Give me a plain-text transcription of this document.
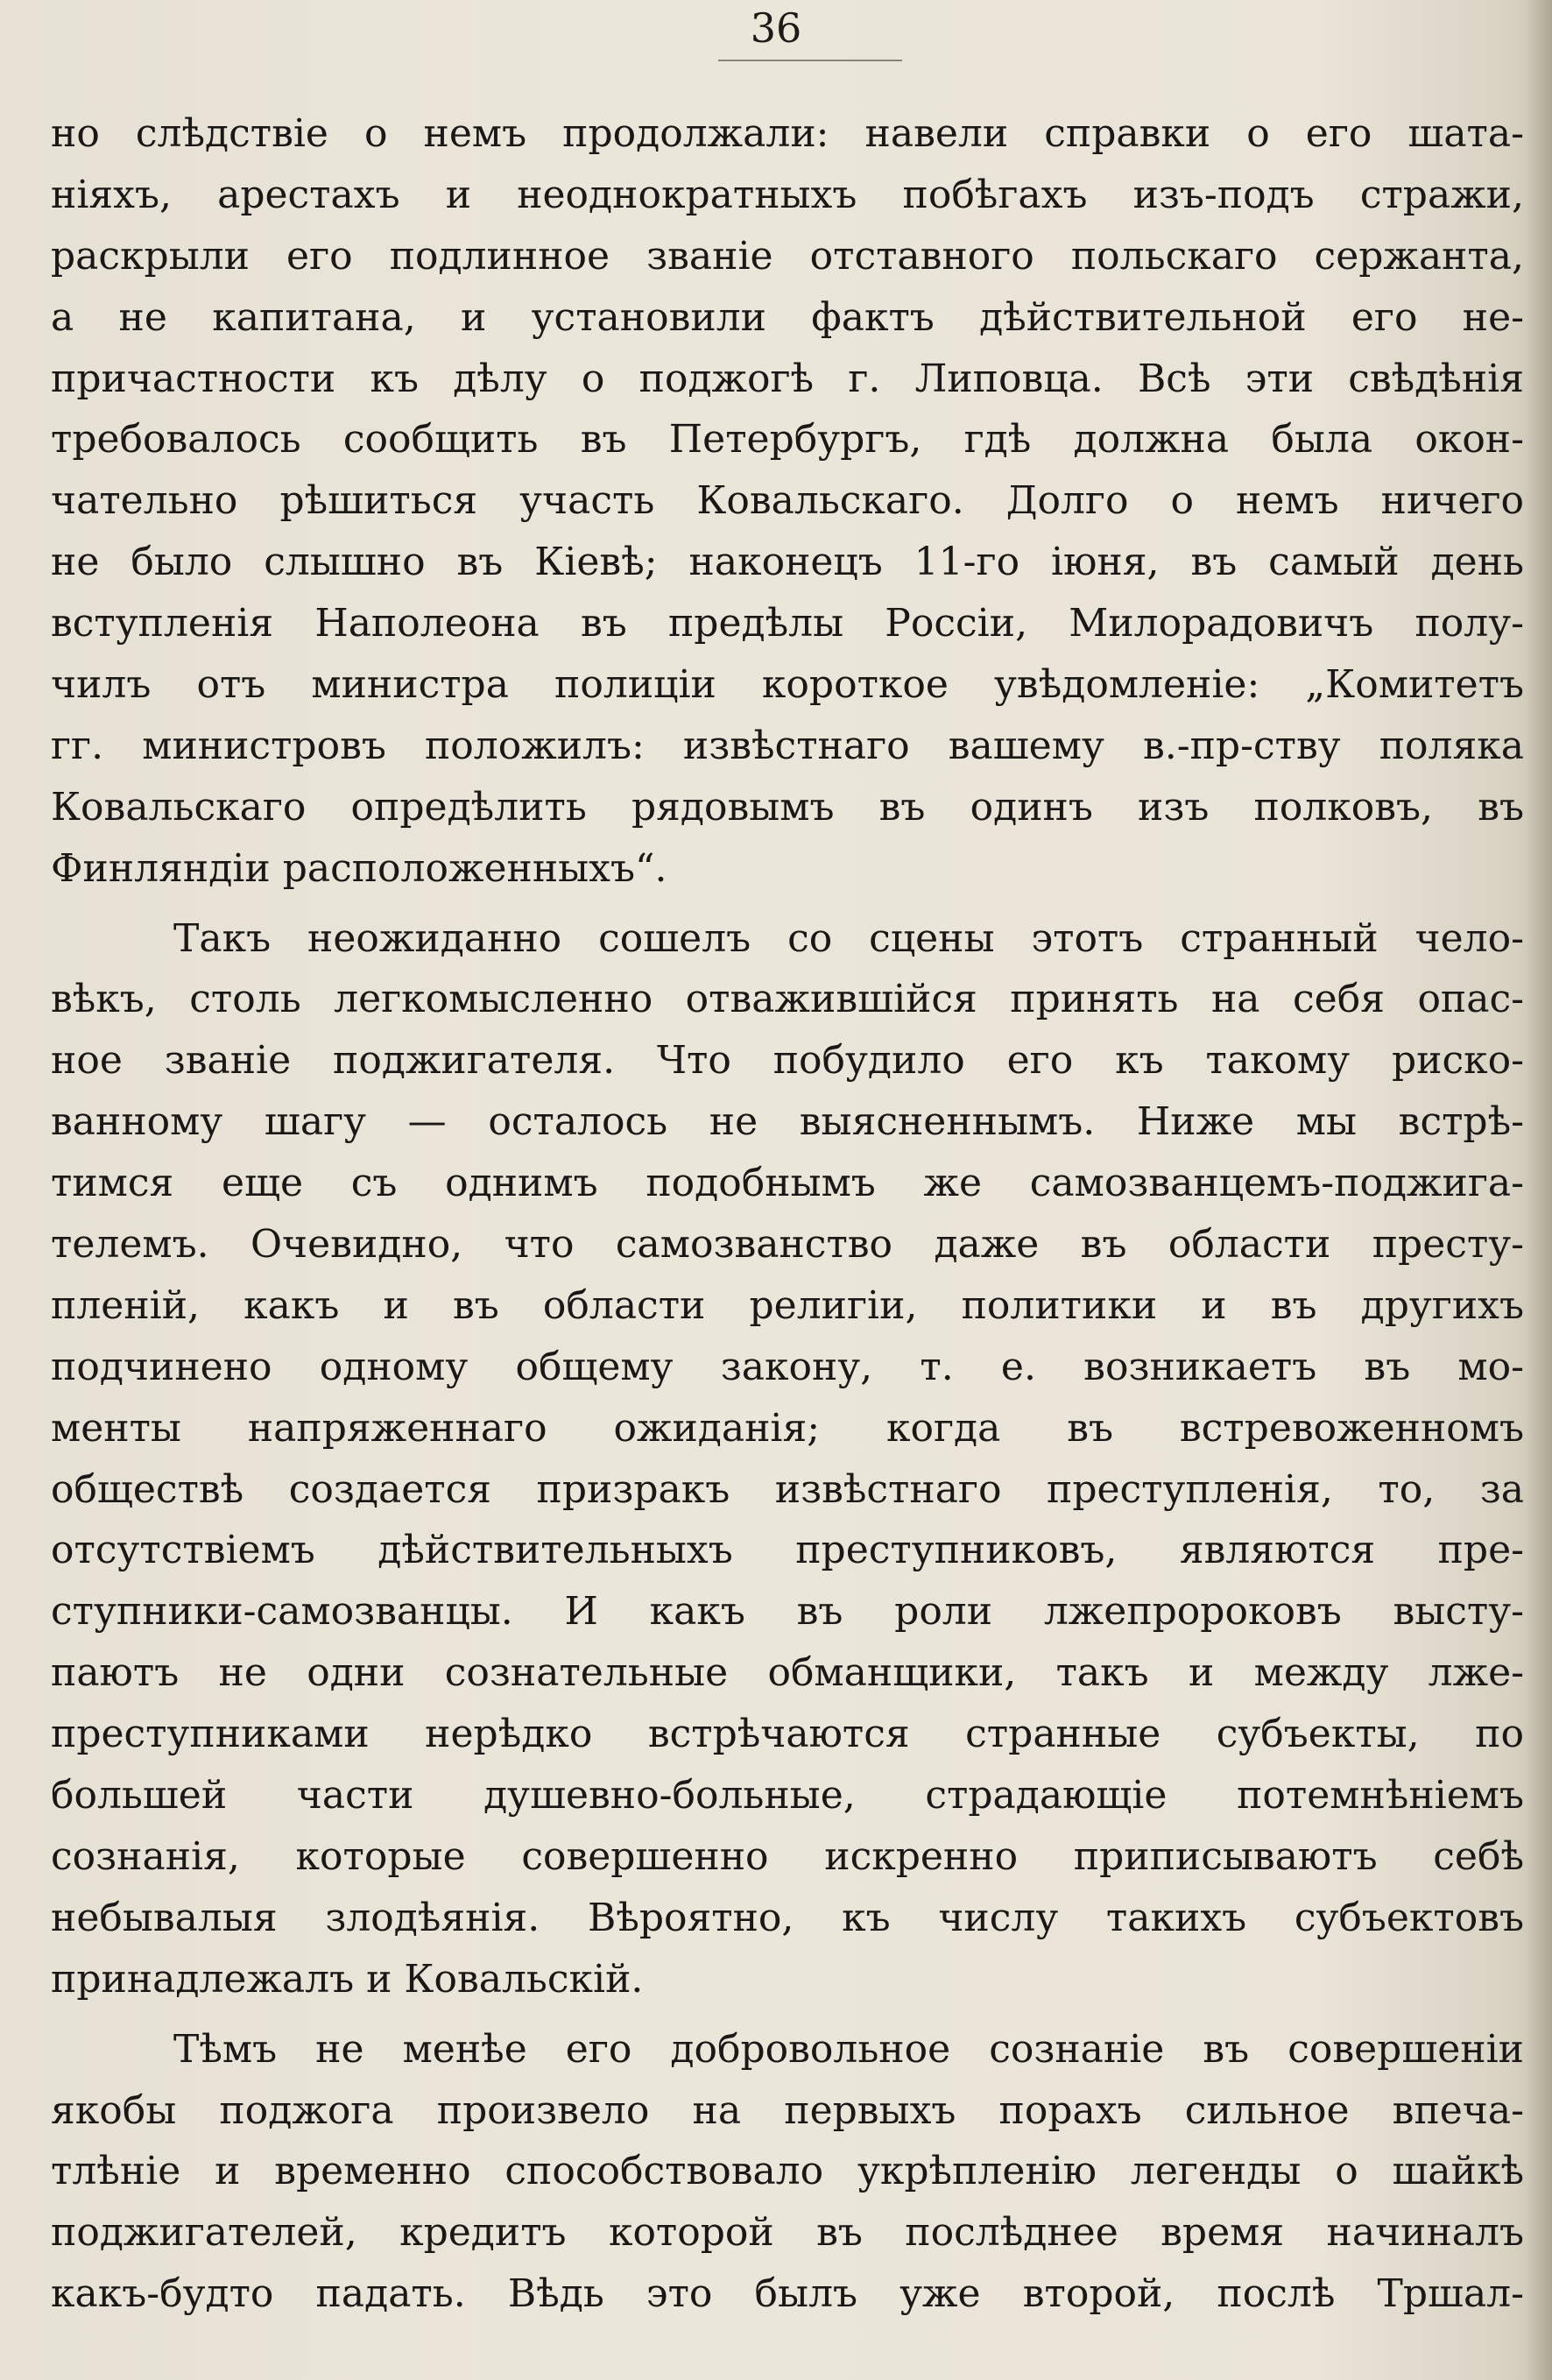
36
но слѣдствіе о немъ продолжали: навели справки о его шата-
ніяхъ, арестахъ и неоднократныхъ побѣгахъ изъ-подъ стражи,
раскрыли его подлинное званіе отставного польскаго сержанта,
а не капитана, и установили фактъ дѣйствительной его не-
причастности къ дѣлу о поджогѣ г. Липовца. Всѣ эти свѣдѣнія
требовалось сообщить въ Петербургъ, гдѣ должна была окон-
чательно рѣшиться участь Ковальскаго. Долго о немъ ничего
не было слышно въ Кіевѣ; наконецъ 11-го іюня, въ самый день
вступленія Наполеона въ предѣлы Россіи, Милорадовичъ полу-
чилъ отъ министра полиціи короткое увѣдомленіе: „Комитетъ
гг. министровъ положилъ: извѣстнаго вашему в.-пр-ству поляка
Ковальскаго опредѣлить рядовымъ въ одинъ изъ полковъ, въ
Финляндіи расположенныхъ“.
Такъ неожиданно сошелъ со сцены этотъ странный чело-
вѣкъ, столь легкомысленно отважившійся принять на себя опас-
ное званіе поджигателя. Что побудило его къ такому риско-
ванному шагу — осталось не выясненнымъ. Ниже мы встрѣ-
тимся еще съ однимъ подобнымъ же самозванцемъ-поджига-
телемъ. Очевидно, что самозванство даже въ области престу-
пленій, какъ и въ области религіи, политики и въ другихъ
подчинено одному общему закону, т. е. возникаетъ въ мо-
менты напряженнаго ожиданія; когда въ встревоженномъ
обществѣ создается призракъ извѣстнаго преступленія, то, за
отсутствіемъ дѣйствительныхъ преступниковъ, являются пре-
ступники-самозванцы. И какъ въ роли лжепророковъ высту-
паютъ не одни сознательные обманщики, такъ и между лже-
преступниками нерѣдко встрѣчаются странные субъекты, по
большей части душевно-больные, страдающіе потемнѣніемъ
сознанія, которые совершенно искренно приписываютъ себѣ
небывалыя злодѣянія. Вѣроятно, къ числу такихъ субъектовъ
принадлежалъ и Ковальскій.
Тѣмъ не менѣе его добровольное сознаніе въ совершеніи
якобы поджога произвело на первыхъ порахъ сильное впеча-
тлѣніе и временно способствовало укрѣпленію легенды о шайкѣ
поджигателей, кредитъ которой въ послѣднее время начиналъ
какъ-будто падать. Вѣдь это былъ уже второй, послѣ Тршал-
